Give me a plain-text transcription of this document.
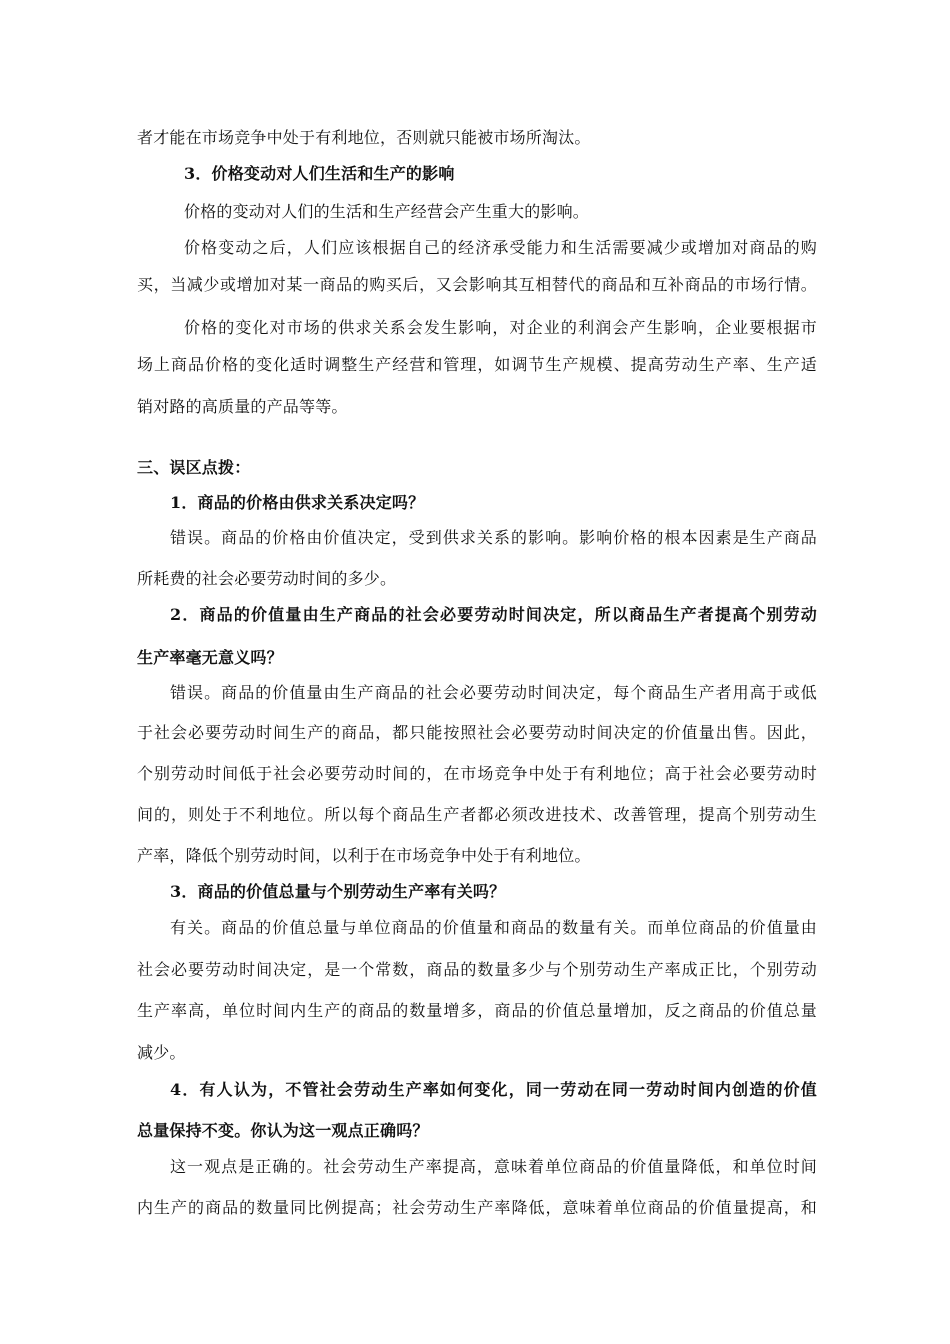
者才能在市场竞争中处于有利地位，否则就只能被市场所淘汰。
3．价格变动对人们生活和生产的影响
价格的变动对人们的生活和生产经营会产生重大的影响。
价格变动之后，人们应该根据自己的经济承受能力和生活需要减少或增加对商品的购
买，当减少或增加对某一商品的购买后，又会影响其互相替代的商品和互补商品的市场行情。
价格的变化对市场的供求关系会发生影响，对企业的利润会产生影响，企业要根据市
场上商品价格的变化适时调整生产经营和管理，如调节生产规模、提高劳动生产率、生产适
销对路的高质量的产品等等。
三、误区点拨：
1．商品的价格由供求关系决定吗？
错误。商品的价格由价值决定，受到供求关系的影响。影响价格的根本因素是生产商品
所耗费的社会必要劳动时间的多少。
2．商品的价值量由生产商品的社会必要劳动时间决定，所以商品生产者提高个别劳动
生产率毫无意义吗？
错误。商品的价值量由生产商品的社会必要劳动时间决定，每个商品生产者用高于或低
于社会必要劳动时间生产的商品，都只能按照社会必要劳动时间决定的价值量出售。因此，
个别劳动时间低于社会必要劳动时间的，在市场竞争中处于有利地位；高于社会必要劳动时
间的，则处于不利地位。所以每个商品生产者都必须改进技术、改善管理，提高个别劳动生
产率，降低个别劳动时间，以利于在市场竞争中处于有利地位。
3．商品的价值总量与个别劳动生产率有关吗？
有关。商品的价值总量与单位商品的价值量和商品的数量有关。而单位商品的价值量由
社会必要劳动时间决定，是一个常数，商品的数量多少与个别劳动生产率成正比，个别劳动
生产率高，单位时间内生产的商品的数量增多，商品的价值总量增加，反之商品的价值总量
减少。
4．有人认为，不管社会劳动生产率如何变化，同一劳动在同一劳动时间内创造的价值
总量保持不变。你认为这一观点正确吗？
这一观点是正确的。社会劳动生产率提高，意味着单位商品的价值量降低，和单位时间
内生产的商品的数量同比例提高；社会劳动生产率降低，意味着单位商品的价值量提高，和
